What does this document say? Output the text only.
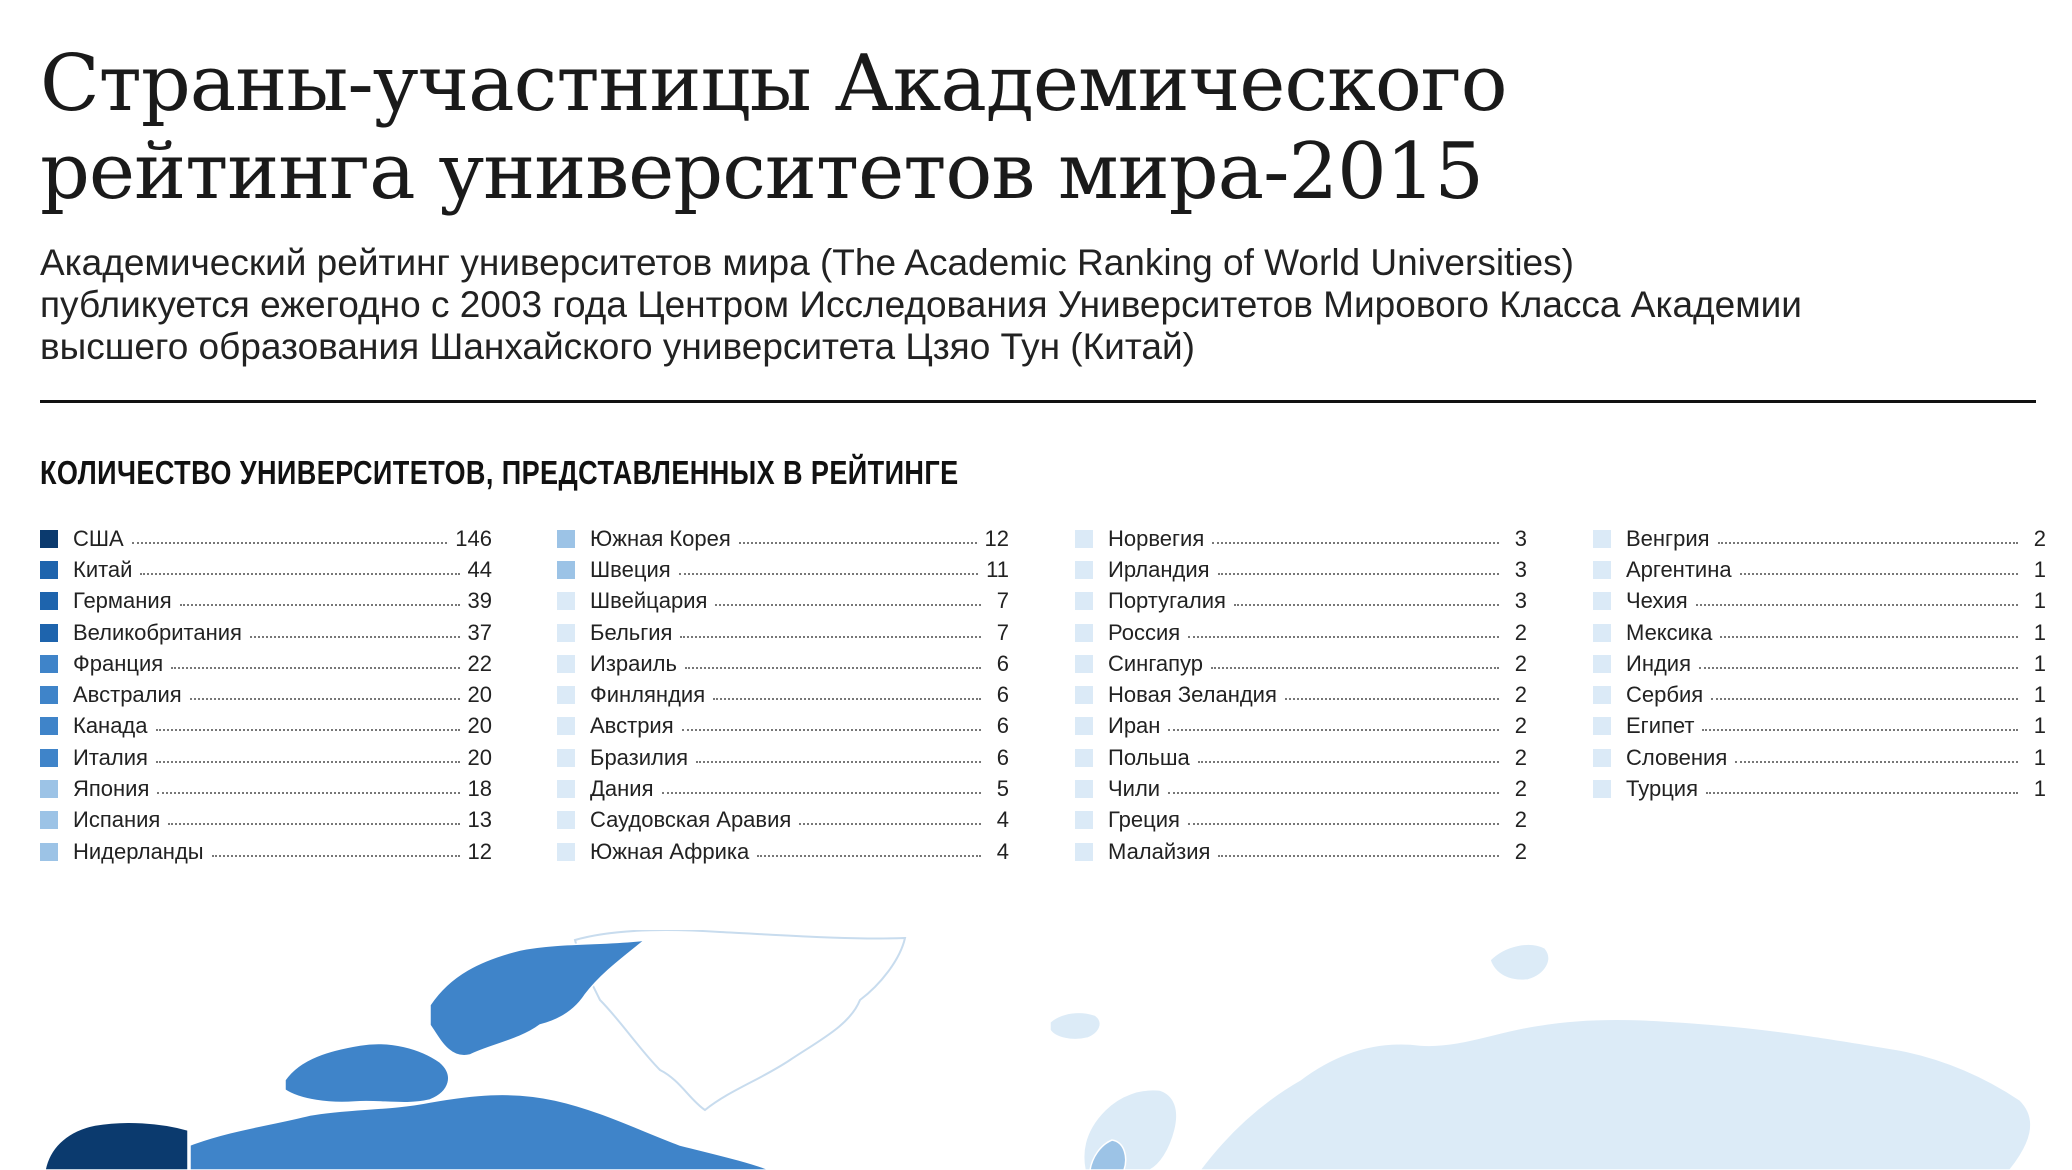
Страны-участницы Академического
рейтинга университетов мира-2015

Академический рейтинг университетов мира (The Academic Ranking of World Universities)
публикуется ежегодно с 2003 года Центром Исследования Университетов Мирового Класса Академии
высшего образования Шанхайского университета Цзяо Тун (Китай)

КОЛИЧЕСТВО УНИВЕРСИТЕТОВ, ПРЕДСТАВЛЕННЫХ В РЕЙТИНГЕ
США	146
Китай	44
Германия	39
Великобритания	37
Франция	22
Австралия	20
Канада	20
Италия	20
Япония	18
Испания	13
Нидерланды	12
Южная Корея	12
Швеция	11
Швейцария	7
Бельгия	7
Израиль	6
Финляндия	6
Австрия	6
Бразилия	6
Дания	5
Саудовская Аравия	4
Южная Африка	4
Норвегия	3
Ирландия	3
Португалия	3
Россия	2
Сингапур	2
Новая Зеландия	2
Иран	2
Польша	2
Чили	2
Греция	2
Малайзия	2
Венгрия	2
Аргентина	1
Чехия	1
Мексика	1
Индия	1
Сербия	1
Египет	1
Словения	1
Турция	1
